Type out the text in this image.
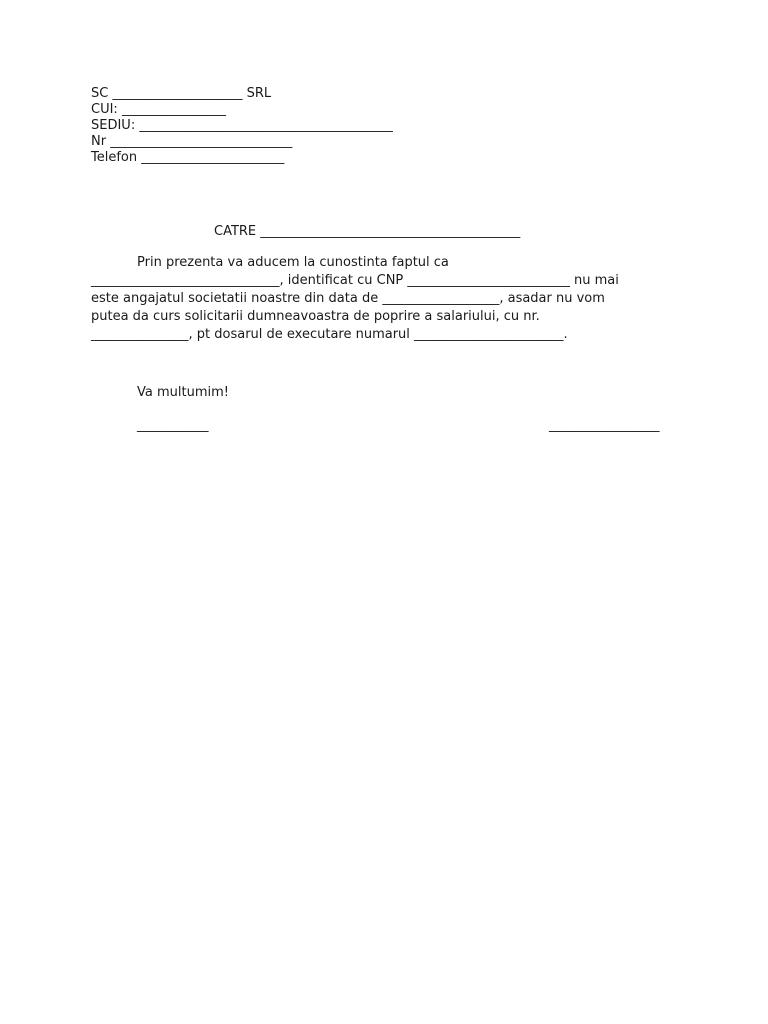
SC ____________________ SRL
CUI: ________________
SEDIU: _______________________________________
Nr ____________________________
Telefon ______________________
CATRE ________________________________________
Prin prezenta va aducem la cunostinta faptul ca
_____________________________, identificat cu CNP _________________________ nu mai
este angajatul societatii noastre din data de __________________, asadar nu vom
putea da curs solicitarii dumneavoastra de poprire a salariului, cu nr.
_______________, pt dosarul de executare numarul _______________________.
Va multumim!
___________	_________________
